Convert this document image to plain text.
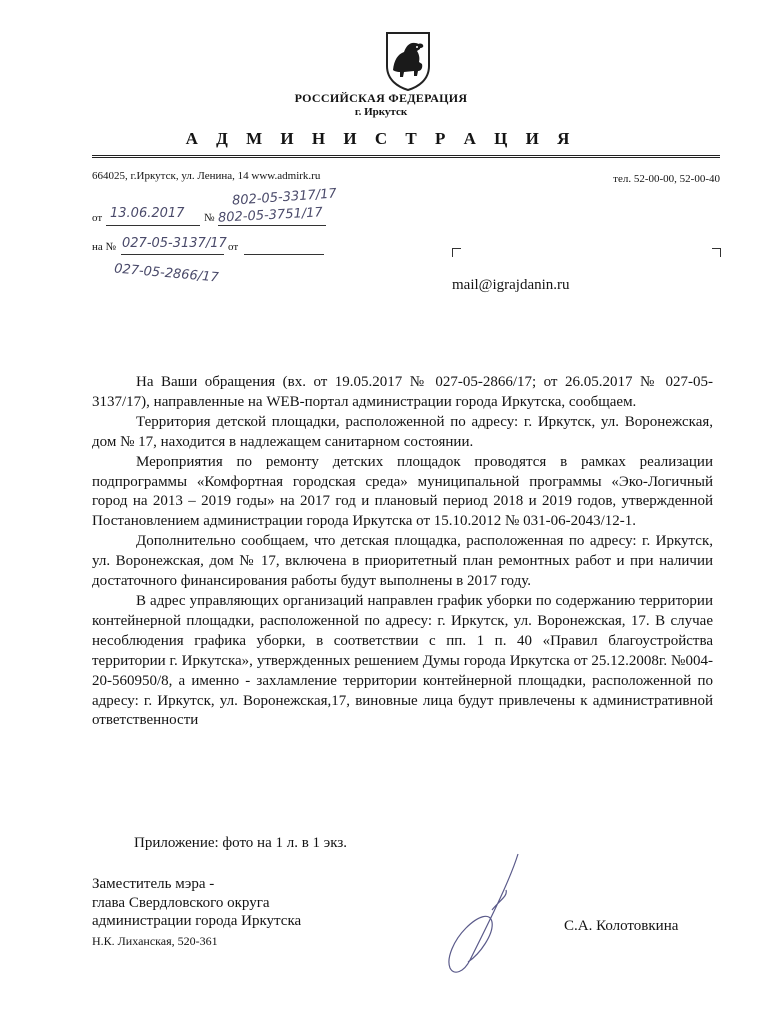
РОССИЙСКАЯ ФЕДЕРАЦИЯ
г. Иркутск
А Д М И Н И С Т Р А Ц И Я
664025, г.Иркутск, ул. Ленина, 14 www.admirk.ru	тел. 52-00-00, 52-00-40
802-05-3317/17
от 13.06.2017 № 802-05-3751/17
на № 027-05-3137/17 от
027-05-2866/17	mail@igrajdanin.ru

На Ваши обращения (вх. от 19.05.2017 № 027-05-2866/17; от 26.05.2017 № 027-05-3137/17), направленные на WEB-портал администрации города Иркутска, сообщаем.

Территория детской площадки, расположенной по адресу: г. Иркутск, ул. Воронежская, дом № 17, находится в надлежащем санитарном состоянии.

Мероприятия по ремонту детских площадок проводятся в рамках реализации подпрограммы «Комфортная городская среда» муниципальной программы «Эко-Логичный город на 2013 – 2019 годы» на 2017 год и плановый период 2018 и 2019 годов, утвержденной Постановлением администрации города Иркутска от 15.10.2012 № 031-06-2043/12-1.

Дополнительно сообщаем, что детская площадка, расположенная по адресу: г. Иркутск, ул. Воронежская, дом № 17, включена в приоритетный план ремонтных работ и при наличии достаточного финансирования работы будут выполнены в 2017 году.

В адрес управляющих организаций направлен график уборки по содержанию территории контейнерной площадки, расположенной по адресу: г. Иркутск, ул. Воронежская, 17. В случае несоблюдения графика уборки, в соответствии с пп. 1 п. 40 «Правил благоустройства территории г. Иркутска», утвержденных решением Думы города Иркутска от 25.12.2008г. №004-20-560950/8, а именно - захламление территории контейнерной площадки, расположенной по адресу: г. Иркутск, ул. Воронежская,17, виновные лица будут привлечены к административной ответственности

Приложение: фото на 1 л. в 1 экз.
Заместитель мэра -
глава Свердловского округа
администрации города Иркутска	С.А. Колотовкина
Н.К. Лиханская, 520-361
